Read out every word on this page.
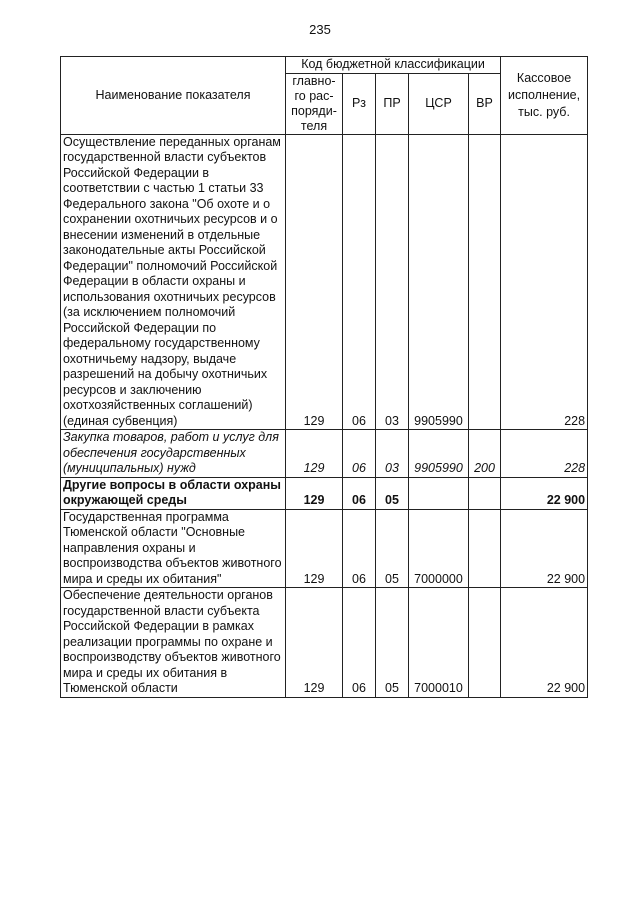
235
Наименование показателя	Код бюджетной классификации					Кассовое исполнение, тыс. руб.
	главно-го рас-поряди-теля	Рз	ПР	ЦСР	ВР	
Осуществление переданных органам государственной власти субъектов Российской Федерации в соответствии с частью 1 статьи 33 Федерального закона "Об охоте и о сохранении охотничьих ресурсов и о внесении изменений в отдельные законодательные акты Российской Федерации" полномочий Российской Федерации в области охраны и использования охотничьих ресурсов (за исключением полномочий Российской Федерации по федеральному государственному охотничьему надзору, выдаче разрешений на добычу охотничьих ресурсов и заключению охотхозяйственных соглашений) (единая субвенция)	129	06	03	9905990		228
Закупка товаров, работ и услуг для обеспечения государственных (муниципальных) нужд	129	06	03	9905990	200	228
Другие вопросы в области охраны окружающей среды	129	06	05			22 900
Государственная программа Тюменской области "Основные направления охраны и воспроизводства объектов животного мира и среды их обитания"	129	06	05	7000000		22 900
Обеспечение деятельности органов государственной власти субъекта Российской Федерации в рамках реализации программы по охране и воспроизводству объектов животного мира и среды их обитания в Тюменской области	129	06	05	7000010		22 900
